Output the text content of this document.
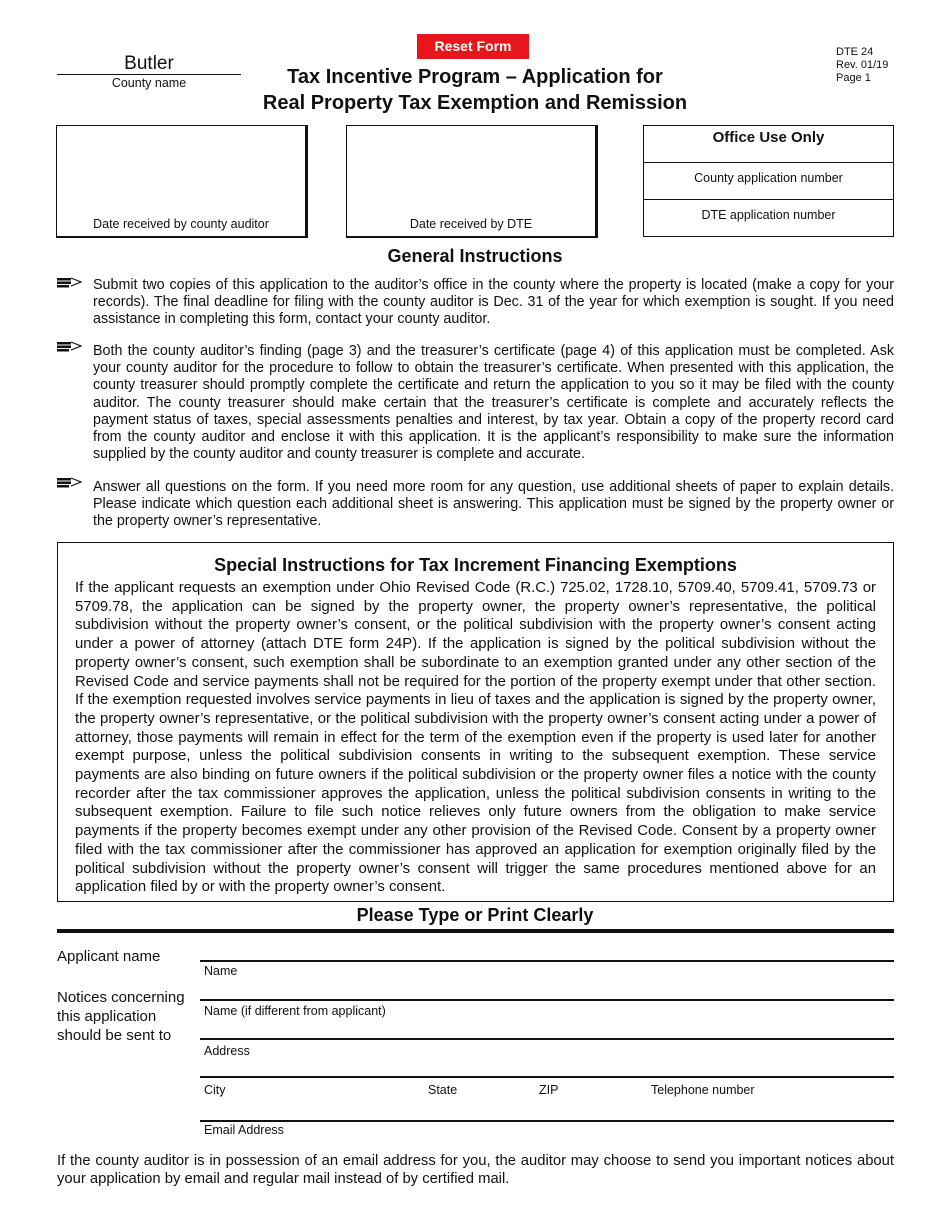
Reset Form
Butler
County name	Tax Incentive Program – Application for
Real Property Tax Exemption and Remission
DTE 24
Rev. 01/19
Page 1
Date received by county auditor	Date received by DTE
Office Use Only
County application number
DTE application number
General Instructions
Submit two copies of this application to the auditor’s office in the county where the property is located (make a copy for your records). The final deadline for filing with the county auditor is Dec. 31 of the year for which exemption is sought. If you need assistance in completing this form, contact your county auditor.
Both the county auditor’s finding (page 3) and the treasurer’s certificate (page 4) of this application must be completed. Ask your county auditor for the procedure to follow to obtain the treasurer’s certificate. When presented with this application, the county treasurer should promptly complete the certificate and return the application to you so it may be filed with the county auditor. The county treasurer should make certain that the treasurer’s certificate is complete and accurately reflects the payment status of taxes, special assessments penalties and interest, by tax year. Obtain a copy of the property record card from the county auditor and enclose it with this application. It is the applicant’s responsibility to make sure the information supplied by the county auditor and county treasurer is complete and accurate.
Answer all questions on the form. If you need more room for any question, use additional sheets of paper to explain details. Please indicate which question each additional sheet is answering. This application must be signed by the property owner or the property owner’s representative.
Special Instructions for Tax Increment Financing Exemptions

If the applicant requests an exemption under Ohio Revised Code (R.C.) 725.02, 1728.10, 5709.40, 5709.41, 5709.73 or 5709.78, the application can be signed by the property owner, the property owner’s representative, the political subdivision without the property owner’s consent, or the political subdivision with the property owner’s consent acting under a power of attorney (attach DTE form 24P). If the application is signed by the political subdivision without the property owner’s consent, such exemption shall be subordinate to an exemption granted under any other section of the Revised Code and service payments shall not be required for the portion of the property exempt under that other section. If the exemption requested involves service payments in lieu of taxes and the application is signed by the property owner, the property owner’s representative, or the political subdivision with the property owner’s consent acting under a power of attorney, those payments will remain in effect for the term of the exemption even if the property is used later for another exempt purpose, unless the political subdivision consents in writing to the subsequent exemption. These service payments are also binding on future owners if the political subdivision or the property owner files a notice with the county recorder after the tax commissioner approves the application, unless the political subdivision consents in writing to the subsequent exemption. Failure to file such notice relieves only future owners from the obligation to make service payments if the property becomes exempt under any other provision of the Revised Code. Consent by a property owner filed with the tax commissioner after the commissioner has approved an application for exemption originally filed by the political subdivision without the property owner’s consent will trigger the same procedures mentioned above for an application filed by or with the property owner’s consent.

Please Type or Print Clearly
Applicant name
Notices concerning this application should be sent to
Name
Name (if different from applicant)
Address
City	State	ZIP	Telephone number
Email Address
If the county auditor is in possession of an email address for you, the auditor may choose to send you important notices about your application by email and regular mail instead of by certified mail.
